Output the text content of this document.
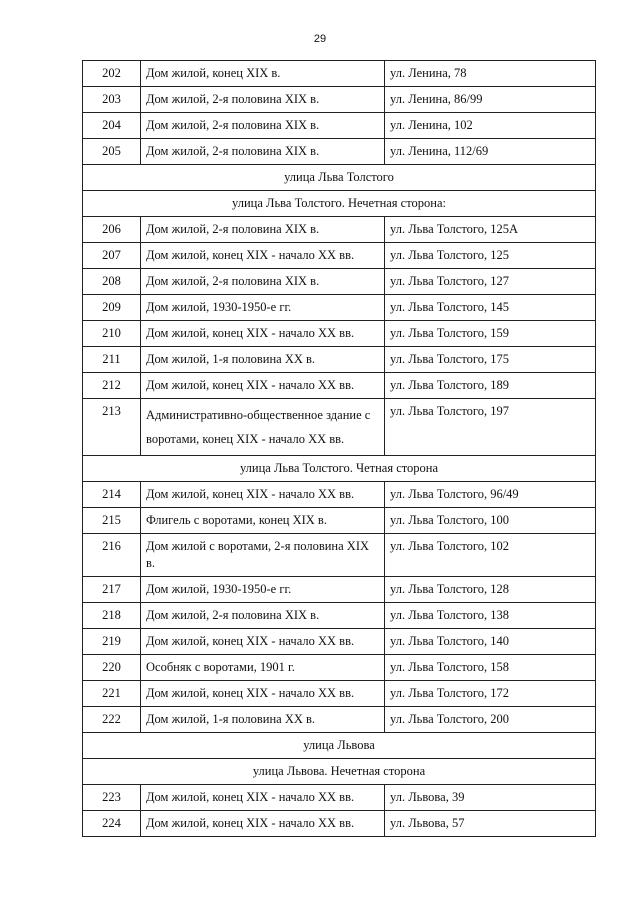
29
202	Дом жилой, конец XIX в.	ул. Ленина, 78
203	Дом жилой, 2-я половина XIX в.	ул. Ленина, 86/99
204	Дом жилой, 2-я половина XIX в.	ул. Ленина, 102
205	Дом жилой, 2-я половина XIX в.	ул. Ленина, 112/69
улица Льва Толстого		
улица Льва Толстого. Нечетная сторона:		
206	Дом жилой, 2-я половина XIX в.	ул. Льва Толстого, 125А
207	Дом жилой, конец XIX - начало XX вв.	ул. Льва Толстого, 125
208	Дом жилой, 2-я половина XIX в.	ул. Льва Толстого, 127
209	Дом жилой, 1930-1950-е гг.	ул. Льва Толстого, 145
210	Дом жилой, конец XIX - начало XX вв.	ул. Льва Толстого, 159
211	Дом жилой, 1-я половина XX в.	ул. Льва Толстого, 175
212	Дом жилой, конец XIX - начало XX вв.	ул. Льва Толстого, 189
213	Административно-общественное здание с воротами, конец XIX - начало XX вв.	ул. Льва Толстого, 197
улица Льва Толстого. Четная сторона		
214	Дом жилой, конец XIX - начало XX вв.	ул. Льва Толстого, 96/49
215	Флигель с воротами, конец XIX в.	ул. Льва Толстого, 100
216	Дом жилой с воротами, 2-я половина XIX в.	ул. Льва Толстого, 102
217	Дом жилой, 1930-1950-е гг.	ул. Льва Толстого, 128
218	Дом жилой, 2-я половина XIX в.	ул. Льва Толстого, 138
219	Дом жилой, конец XIX - начало XX вв.	ул. Льва Толстого, 140
220	Особняк с воротами, 1901 г.	ул. Льва Толстого, 158
221	Дом жилой, конец XIX - начало XX вв.	ул. Льва Толстого, 172
222	Дом жилой, 1-я половина XX в.	ул. Льва Толстого, 200
улица Львова		
улица Львова. Нечетная сторона		
223	Дом жилой, конец XIX - начало XX вв.	ул. Львова, 39
224	Дом жилой, конец XIX - начало XX вв.	ул. Львова, 57
